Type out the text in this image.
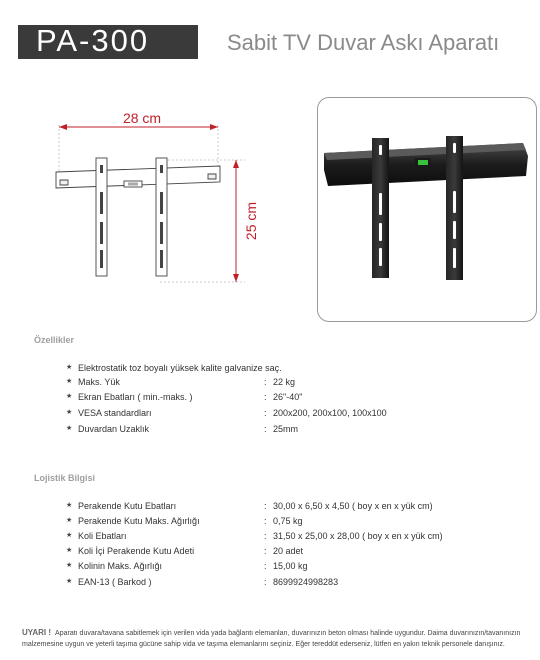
PA-300	Sabit TV Duvar Askı Aparatı
28 cm
25 cm
Özellikler
★ Elektrostatik toz boyalı yüksek kalite galvanize saç.
★ Maks. Yük	: 22 kg
★ Ekran Ebatları ( min.-maks. )	: 26"-40"
★ VESA standardları	: 200x200, 200x100, 100x100
★ Duvardan Uzaklık	: 25mm
Lojistik Bilgisi
★ Perakende Kutu Ebatları	: 30,00 x 6,50 x 4,50 ( boy x en x yük cm)
★ Perakende Kutu Maks. Ağırlığı	: 0,75 kg
★ Koli Ebatları	: 31,50 x 25,00 x 28,00 ( boy x en x yük cm)
★ Koli İçi Perakende Kutu Adeti	: 20 adet
★ Kolinin Maks. Ağırlığı	: 15,00 kg
★ EAN-13 ( Barkod )	: 8699924998283
UYARI ! Aparatı duvara/tavana sabitlemek için verilen vida yada bağlantı elemanları, duvarınızın beton olması halinde uygundur. Daima duvarınızın/tavanınızın malzemesine uygun ve yeterli taşıma gücüne sahip vida ve taşıma elemanlarını seçiniz. Eğer tereddüt ederseniz, lütfen en yakın teknik personele danışınız.
